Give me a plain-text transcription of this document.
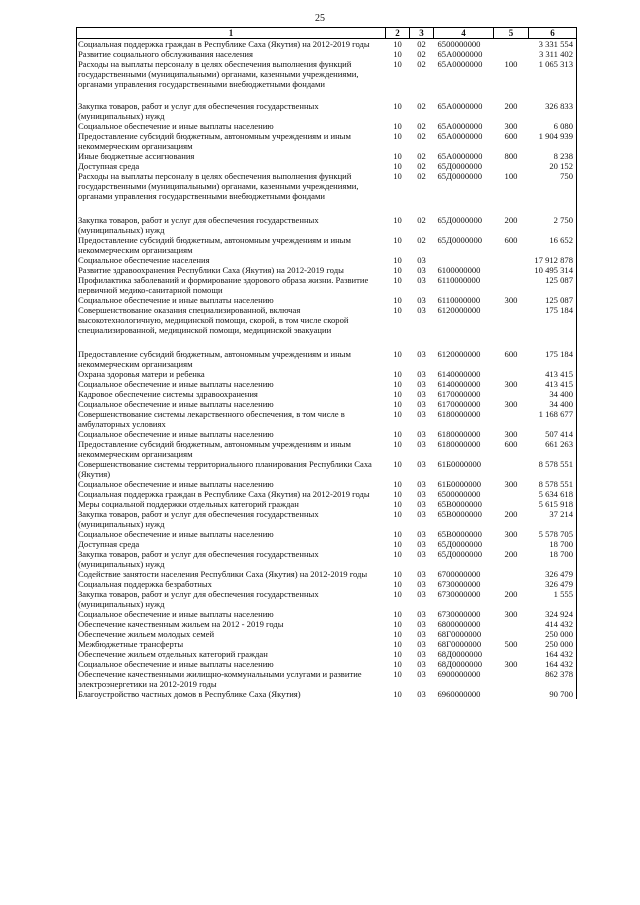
25
1	2	3	4	5	6
Социальная поддержка граждан в Республике Саха (Якутия) на 2012-2019 годы	10	02	6500000000		3 331 554
Развитие социального обслуживания населения	10	02	65А0000000		3 311 402
Расходы на выплаты персоналу в целях обеспечения выполнения функций государственными (муниципальными) органами, казенными учреждениями, органами управления государственными внебюджетными фондами	10	02	65А0000000	100	1 065 313
Закупка товаров, работ и услуг для обеспечения государственных (муниципальных) нужд	10	02	65А0000000	200	326 833
Социальное обеспечение и иные выплаты населению	10	02	65А0000000	300	6 080
Предоставление субсидий бюджетным, автономным учреждениям и иным некоммерческим организациям	10	02	65А0000000	600	1 904 939
Иные бюджетные ассигнования	10	02	65А0000000	800	8 238
Доступная среда	10	02	65Д0000000		20 152
Расходы на выплаты персоналу в целях обеспечения выполнения функций государственными (муниципальными) органами, казенными учреждениями, органами управления государственными внебюджетными фондами	10	02	65Д0000000	100	750
Закупка товаров, работ и услуг для обеспечения государственных (муниципальных) нужд	10	02	65Д0000000	200	2 750
Предоставление субсидий бюджетным, автономным учреждениям и иным некоммерческим организациям	10	02	65Д0000000	600	16 652
Социальное обеспечение населения	10	03			17 912 878
Развитие здравоохранения Республики Саха (Якутия) на 2012-2019 годы	10	03	6100000000		10 495 314
Профилактика заболеваний и формирование здорового образа жизни. Развитие первичной медико-санитарной помощи	10	03	6110000000		125 087
Социальное обеспечение и иные выплаты населению	10	03	6110000000	300	125 087
Совершенствование оказания специализированной, включая высокотехнологичную, медицинской помощи, скорой, в том числе скорой специализированной, медицинской помощи, медицинской эвакуации	10	03	6120000000		175 184
Предоставление субсидий бюджетным, автономным учреждениям и иным некоммерческим организациям	10	03	6120000000	600	175 184
Охрана здоровья матери и ребенка	10	03	6140000000		413 415
Социальное обеспечение и иные выплаты населению	10	03	6140000000	300	413 415
Кадровое обеспечение системы здравоохранения	10	03	6170000000		34 400
Социальное обеспечение и иные выплаты населению	10	03	6170000000	300	34 400
Совершенствование системы лекарственного обеспечения, в том числе в амбулаторных условиях	10	03	6180000000		1 168 677
Социальное обеспечение и иные выплаты населению	10	03	6180000000	300	507 414
Предоставление субсидий бюджетным, автономным учреждениям и иным некоммерческим организациям	10	03	6180000000	600	661 263
Совершенствование системы территориального планирования Республики Саха (Якутия)	10	03	61Б0000000		8 578 551
Социальное обеспечение и иные выплаты населению	10	03	61Б0000000	300	8 578 551
Социальная поддержка граждан в Республике Саха (Якутия) на 2012-2019 годы	10	03	6500000000		5 634 618
Меры социальной поддержки отдельных категорий граждан	10	03	65В0000000		5 615 918
Закупка товаров, работ и услуг для обеспечения государственных (муниципальных) нужд	10	03	65В0000000	200	37 214
Социальное обеспечение и иные выплаты населению	10	03	65В0000000	300	5 578 705
Доступная среда	10	03	65Д0000000		18 700
Закупка товаров, работ и услуг для обеспечения государственных (муниципальных) нужд	10	03	65Д0000000	200	18 700
Содействие занятости населения Республики Саха (Якутия) на 2012-2019 годы	10	03	6700000000		326 479
Социальная поддержка безработных	10	03	6730000000		326 479
Закупка товаров, работ и услуг для обеспечения государственных (муниципальных) нужд	10	03	6730000000	200	1 555
Социальное обеспечение и иные выплаты населению	10	03	6730000000	300	324 924
Обеспечение качественным жильем на 2012 - 2019 годы	10	03	6800000000		414 432
Обеспечение жильем молодых семей	10	03	68Г0000000		250 000
Межбюджетные трансферты	10	03	68Г0000000	500	250 000
Обеспечение жильем отдельных категорий граждан	10	03	68Д0000000		164 432
Социальное обеспечение и иные выплаты населению	10	03	68Д0000000	300	164 432
Обеспечение качественными жилищно-коммунальными услугами и развитие электроэнергетики на 2012-2019 годы	10	03	6900000000		862 378
Благоустройство частных домов в Республике Саха (Якутия)	10	03	6960000000		90 700
